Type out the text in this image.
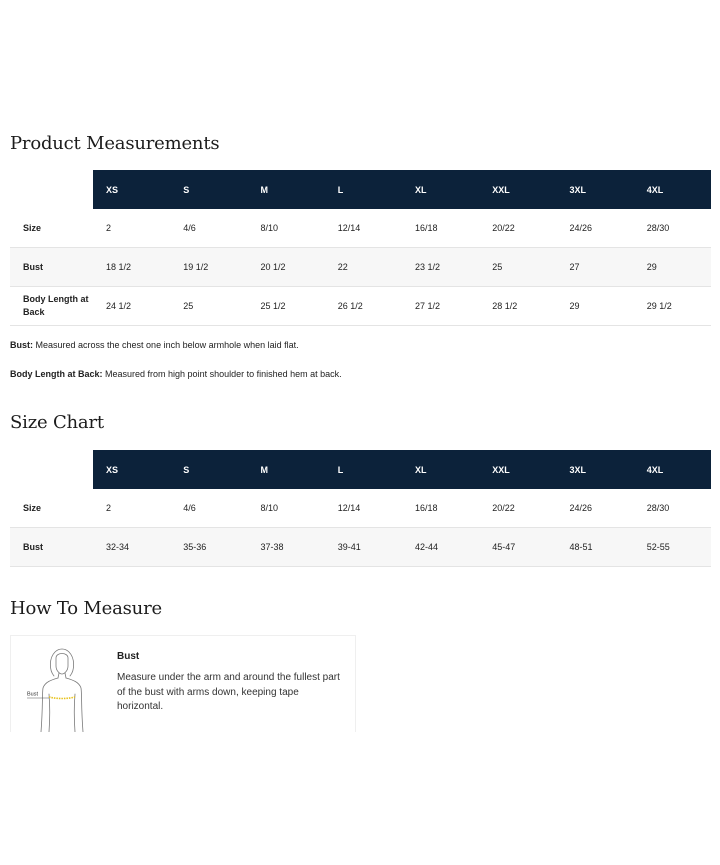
Product Measurements
	XS	S	M	L	XL	XXL	3XL	4XL
Size	2	4/6	8/10	12/14	16/18	20/22	24/26	28/30
Bust	18 1/2	19 1/2	20 1/2	22	23 1/2	25	27	29
Body Length at Back	24 1/2	25	25 1/2	26 1/2	27 1/2	28 1/2	29	29 1/2
Bust: Measured across the chest one inch below armhole when laid flat.
Body Length at Back: Measured from high point shoulder to finished hem at back.
Size Chart
	XS	S	M	L	XL	XXL	3XL	4XL
Size	2	4/6	8/10	12/14	16/18	20/22	24/26	28/30
Bust	32-34	35-36	37-38	39-41	42-44	45-47	48-51	52-55
How To Measure
Bust
Bust
Measure under the arm and around the fullest part of the bust with arms down, keeping tape horizontal.
